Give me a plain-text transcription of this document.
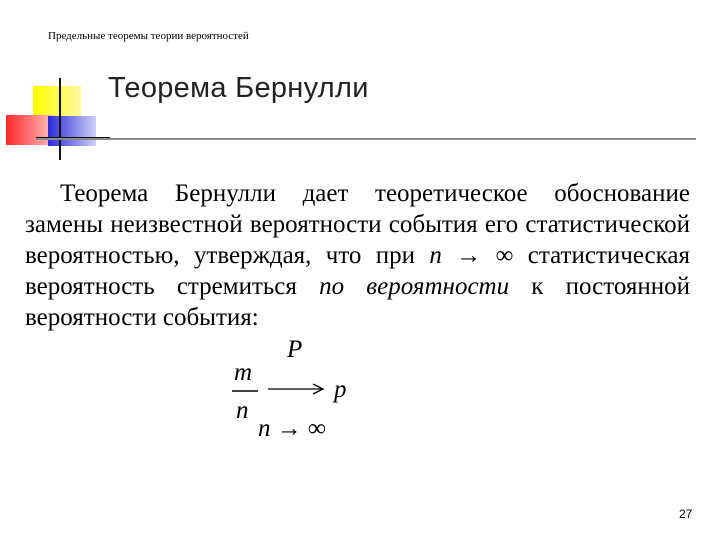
Предельные теоремы теории вероятностей
Теорема Бернулли

Теорема Бернулли дает теоретическое обоснование замены неизвестной вероятности события его статистической вероятностью, утверждая, что при n → ∞ статистическая вероятность стремиться по вероятности к постоянной вероятности события:

P
m
n
p
n → ∞
27
